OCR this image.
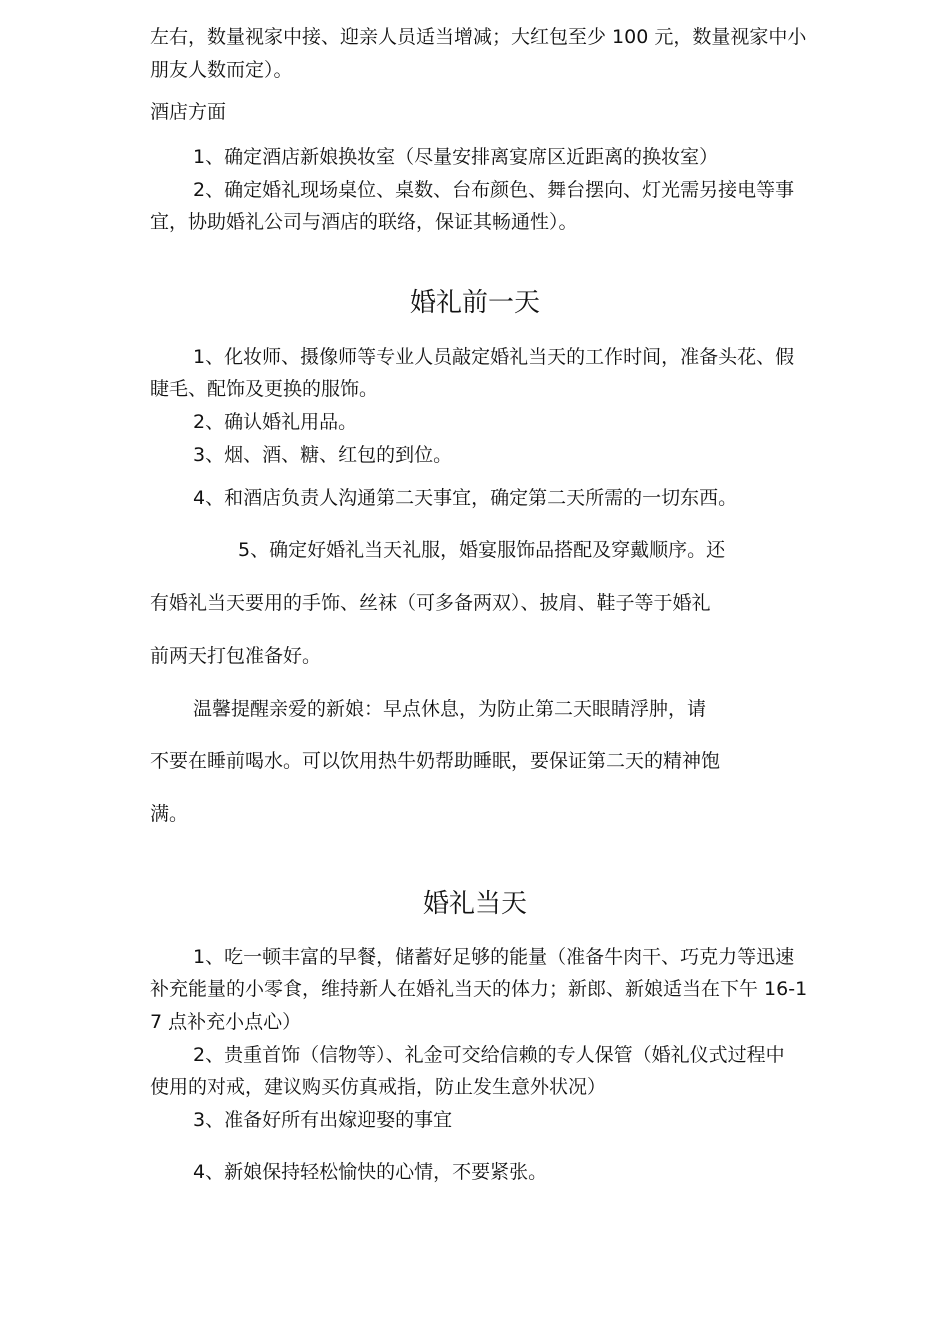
左右，数量视家中接、迎亲人员适当增减；大红包至少 100 元，数量视家中小
朋友人数而定）。
酒店方面
1、确定酒店新娘换妆室（尽量安排离宴席区近距离的换妆室）
2、确定婚礼现场桌位、桌数、台布颜色、舞台摆向、灯光需另接电等事
宜，协助婚礼公司与酒店的联络，保证其畅通性）。
婚礼前一天
1、化妆师、摄像师等专业人员敲定婚礼当天的工作时间，准备头花、假
睫毛、配饰及更换的服饰。
2、确认婚礼用品。
3、烟、酒、糖、红包的到位。
4、和酒店负责人沟通第二天事宜，确定第二天所需的一切东西。
5、确定好婚礼当天礼服，婚宴服饰品搭配及穿戴顺序。还
有婚礼当天要用的手饰、丝袜（可多备两双）、披肩、鞋子等于婚礼
前两天打包准备好。
温馨提醒亲爱的新娘：早点休息，为防止第二天眼睛浮肿，请
不要在睡前喝水。可以饮用热牛奶帮助睡眠，要保证第二天的精神饱
满。
婚礼当天
1、吃一顿丰富的早餐，储蓄好足够的能量（准备牛肉干、巧克力等迅速
补充能量的小零食，维持新人在婚礼当天的体力；新郎、新娘适当在下午 16-1
7 点补充小点心）
2、贵重首饰（信物等）、礼金可交给信赖的专人保管（婚礼仪式过程中
使用的对戒，建议购买仿真戒指，防止发生意外状况）
3、准备好所有出嫁迎娶的事宜
4、新娘保持轻松愉快的心情，不要紧张。
